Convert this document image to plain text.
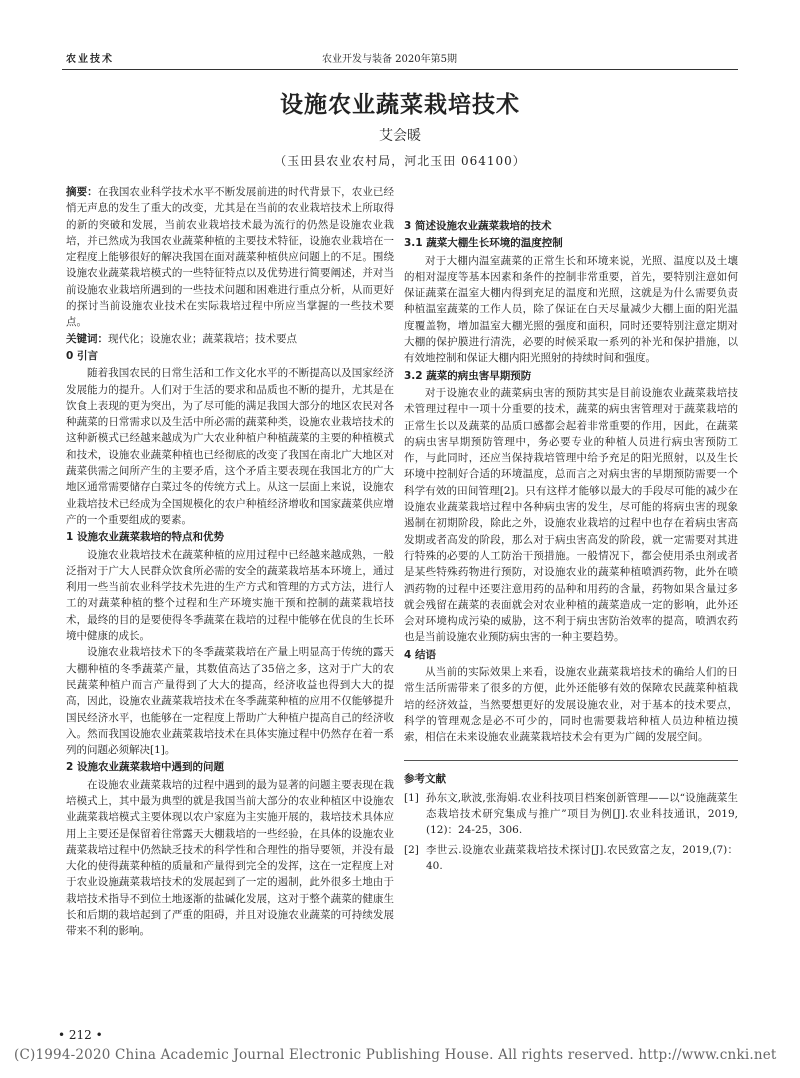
农业技术	农业开发与装备 2020年第5期
设施农业蔬菜栽培技术
艾会暖
（玉田县农业农村局，河北玉田 064100）

摘要：在我国农业科学技术水平不断发展前进的时代背景下，农业已经悄无声息的发生了重大的改变，尤其是在当前的农业栽培技术上所取得的新的突破和发展，当前农业栽培技术最为流行的仍然是设施农业栽培，并已然成为我国农业蔬菜种植的主要技术特征，设施农业栽培在一定程度上能够很好的解决我国在面对蔬菜种植供应问题上的不足。围绕设施农业蔬菜栽培模式的一些特征特点以及优势进行简要阐述，并对当前设施农业栽培所遇到的一些技术问题和困难进行重点分析，从而更好的探讨当前设施农业技术在实际栽培过程中所应当掌握的一些技术要点。

关键词：现代化；设施农业；蔬菜栽培；技术要点

0 引言

随着我国农民的日常生活和工作文化水平的不断提高以及国家经济发展能力的提升。人们对于生活的要求和品质也不断的提升，尤其是在饮食上表现的更为突出，为了尽可能的满足我国大部分的地区农民对各种蔬菜的日常需求以及生活中所必需的蔬菜种类，设施农业栽培技术的这种新模式已经越来越成为广大农业种植户种植蔬菜的主要的种植模式和技术，设施农业蔬菜种植也已经彻底的改变了我国在南北广大地区对蔬菜供需之间所产生的主要矛盾，这个矛盾主要表现在我国北方的广大地区通常需要储存白菜过冬的传统方式上。从这一层面上来说，设施农业栽培技术已经成为全国规模化的农户种植经济增收和国家蔬菜供应增产的一个重要组成的要素。

1 设施农业蔬菜栽培的特点和优势

设施农业栽培技术在蔬菜种植的应用过程中已经越来越成熟，一般泛指对于广大人民群众饮食所必需的安全的蔬菜栽培基本环境上，通过利用一些当前农业科学技术先进的生产方式和管理的方式方法，进行人工的对蔬菜种植的整个过程和生产环境实施干预和控制的蔬菜栽培技术，最终的目的是要使得冬季蔬菜在栽培的过程中能够在优良的生长环境中健康的成长。

设施农业栽培技术下的冬季蔬菜栽培在产量上明显高于传统的露天大棚种植的冬季蔬菜产量，其数值高达了35倍之多，这对于广大的农民蔬菜种植户而言产量得到了大大的提高，经济收益也得到大大的提高，因此，设施农业蔬菜栽培技术在冬季蔬菜种植的应用不仅能够提升国民经济水平，也能够在一定程度上帮助广大种植户提高自己的经济收入。然而我国设施农业蔬菜栽培技术在具体实施过程中仍然存在着一系列的问题必须解决[1]。

2 设施农业蔬菜栽培中遇到的问题

在设施农业蔬菜栽培的过程中遇到的最为显著的问题主要表现在栽培模式上，其中最为典型的就是我国当前大部分的农业种植区中设施农业蔬菜栽培模式主要体现以农户家庭为主实施开展的，栽培技术具体应用上主要还是保留着往常露天大棚栽培的一些经验，在具体的设施农业蔬菜栽培过程中仍然缺乏技术的科学性和合理性的指导要领，并没有最大化的使得蔬菜种植的质量和产量得到完全的发挥，这在一定程度上对于农业设施蔬菜栽培技术的发展起到了一定的遏制，此外很多土地由于栽培技术指导不到位土地逐渐的盐碱化发展，这对于整个蔬菜的健康生长和后期的栽培起到了严重的阻碍，并且对设施农业蔬菜的可持续发展带来不利的影响。

3 简述设施农业蔬菜栽培的技术
3.1 蔬菜大棚生长环境的温度控制

对于大棚内温室蔬菜的正常生长和环境来说，光照、温度以及土壤的相对湿度等基本因素和条件的控制非常重要，首先，要特别注意如何保证蔬菜在温室大棚内得到充足的温度和光照，这就是为什么需要负责种植温室蔬菜的工作人员，除了保证在白天尽量减少大棚上面的阳光温度覆盖物，增加温室大棚光照的强度和面积，同时还要特别注意定期对大棚的保护膜进行清洗，必要的时候采取一系列的补光和保护措施，以有效地控制和保证大棚内阳光照射的持续时间和强度。

3.2 蔬菜的病虫害早期预防

对于设施农业的蔬菜病虫害的预防其实是目前设施农业蔬菜栽培技术管理过程中一项十分重要的技术，蔬菜的病虫害管理对于蔬菜栽培的正常生长以及蔬菜的品质口感都会起着非常重要的作用，因此，在蔬菜的病虫害早期预防管理中，务必要专业的种植人员进行病虫害预防工作，与此同时，还应当保持栽培管理中给予充足的阳光照射，以及生长环境中控制好合适的环境温度，总而言之对病虫害的早期预防需要一个科学有效的田间管理[2]。只有这样才能够以最大的手段尽可能的减少在设施农业蔬菜栽培过程中各种病虫害的发生，尽可能的将病虫害的现象遏制在初期阶段，除此之外，设施农业栽培的过程中也存在着病虫害高发期或者高发的阶段，那么对于病虫害高发的阶段，就一定需要对其进行特殊的必要的人工防治干预措施。一般情况下，都会使用杀虫剂或者是某些特殊药物进行预防，对设施农业的蔬菜种植喷洒药物，此外在喷洒药物的过程中还要注意用药的品种和用药的含量，药物如果含量过多就会残留在蔬菜的表面就会对农业种植的蔬菜造成一定的影响，此外还会对环境构成污染的威胁，这不利于病虫害防治效率的提高，喷洒农药也是当前设施农业预防病虫害的一种主要趋势。

4 结语

从当前的实际效果上来看，设施农业蔬菜栽培技术的确给人们的日常生活所需带来了很多的方便，此外还能够有效的保障农民蔬菜种植栽培的经济效益，当然要想更好的发展设施农业，对于基本的技术要点，科学的管理观念是必不可少的，同时也需要栽培种植人员边种植边摸索，相信在未来设施农业蔬菜栽培技术会有更为广阔的发展空间。

参考文献
[1] 孙东文,耿波,张海娟.农业科技项目档案创新管理——以“设施蔬菜生态栽培技术研究集成与推广”项目为例[J].农业科技通讯，2019,(12)：24-25，306.
[2] 李世云.设施农业蔬菜栽培技术探讨[J].农民致富之友，2019,(7)：40.
• 212 •
(C)1994-2020 China Academic Journal Electronic Publishing House. All rights reserved. http://www.cnki.net
